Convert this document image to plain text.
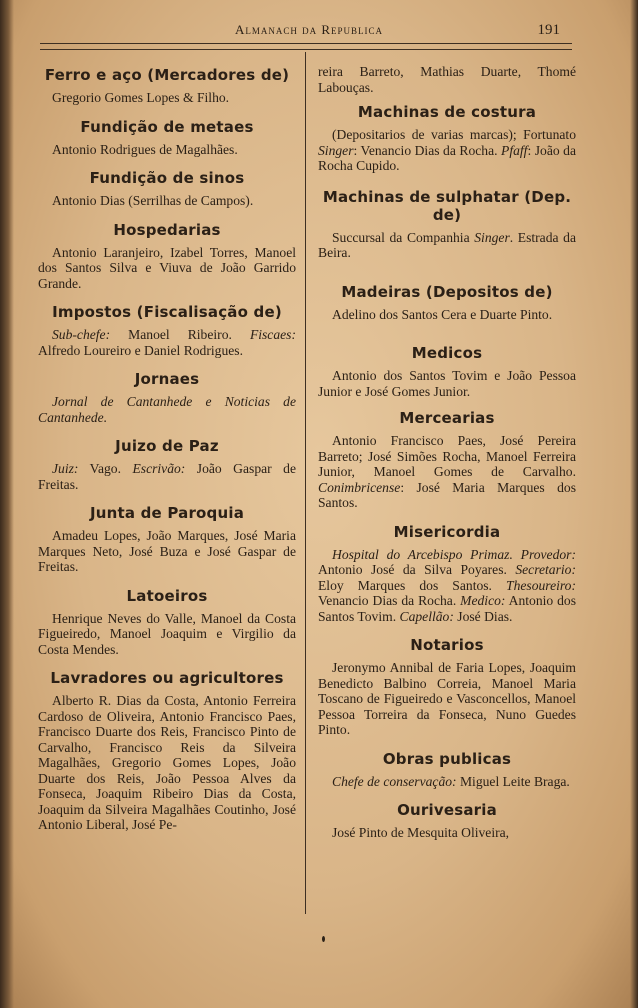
Almanach da Republica	191
Ferro e aço (Mercadores de)

Gregorio Gomes Lopes & Filho.

Fundição de metaes

Antonio Rodrigues de Magalhães.

Fundição de sinos

Antonio Dias (Serrilhas de Campos).

Hospedarias

Antonio Laranjeiro, Izabel Torres, Manoel dos Santos Silva e Viuva de João Garrido Grande.

Impostos (Fiscalisação de)

Sub-chefe: Manoel Ribeiro. Fiscaes: Alfredo Loureiro e Daniel Rodrigues.

Jornaes

Jornal de Cantanhede e Noticias de Cantanhede.

Juizo de Paz

Juiz: Vago. Escrivão: João Gaspar de Freitas.

Junta de Paroquia

Amadeu Lopes, João Marques, José Maria Marques Neto, José Buza e José Gaspar de Freitas.

Latoeiros

Henrique Neves do Valle, Manoel da Costa Figueiredo, Manoel Joaquim e Virgilio da Costa Mendes.

Lavradores ou agricultores

Alberto R. Dias da Costa, Antonio Ferreira Cardoso de Oliveira, Antonio Francisco Paes, Francisco Duarte dos Reis, Francisco Pinto de Carvalho, Francisco Reis da Silveira Magalhães, Gregorio Gomes Lopes, João Duarte dos Reis, João Pessoa Alves da Fonseca, Joaquim Ribeiro Dias da Costa, Joaquim da Silveira Magalhães Coutinho, José Antonio Liberal, José Pe-

reira Barreto, Mathias Duarte, Thomé Labouças.

Machinas de costura

(Depositarios de varias marcas); Fortunato Singer: Venancio Dias da Rocha. Pfaff: João da Rocha Cupido.

Machinas de sulphatar (Dep. de)

Succursal da Companhia Singer. Estrada da Beira.

Madeiras (Depositos de)

Adelino dos Santos Cera e Duarte Pinto.

Medicos

Antonio dos Santos Tovim e João Pessoa Junior e José Gomes Junior.

Mercearias

Antonio Francisco Paes, José Pereira Barreto; José Simões Rocha, Manoel Ferreira Junior, Manoel Gomes de Carvalho. Conimbricense: José Maria Marques dos Santos.

Misericordia

Hospital do Arcebispo Primaz. Provedor: Antonio José da Silva Poyares. Secretario: Eloy Marques dos Santos. Thesoureiro: Venancio Dias da Rocha. Medico: Antonio dos Santos Tovim. Capellão: José Dias.

Notarios

Jeronymo Annibal de Faria Lopes, Joaquim Benedicto Balbino Correia, Manoel Maria Toscano de Figueiredo e Vasconcellos, Manoel Pessoa Torreira da Fonseca, Nuno Guedes Pinto.

Obras publicas

Chefe de conservação: Miguel Leite Braga.

Ourivesaria

José Pinto de Mesquita Oliveira,
